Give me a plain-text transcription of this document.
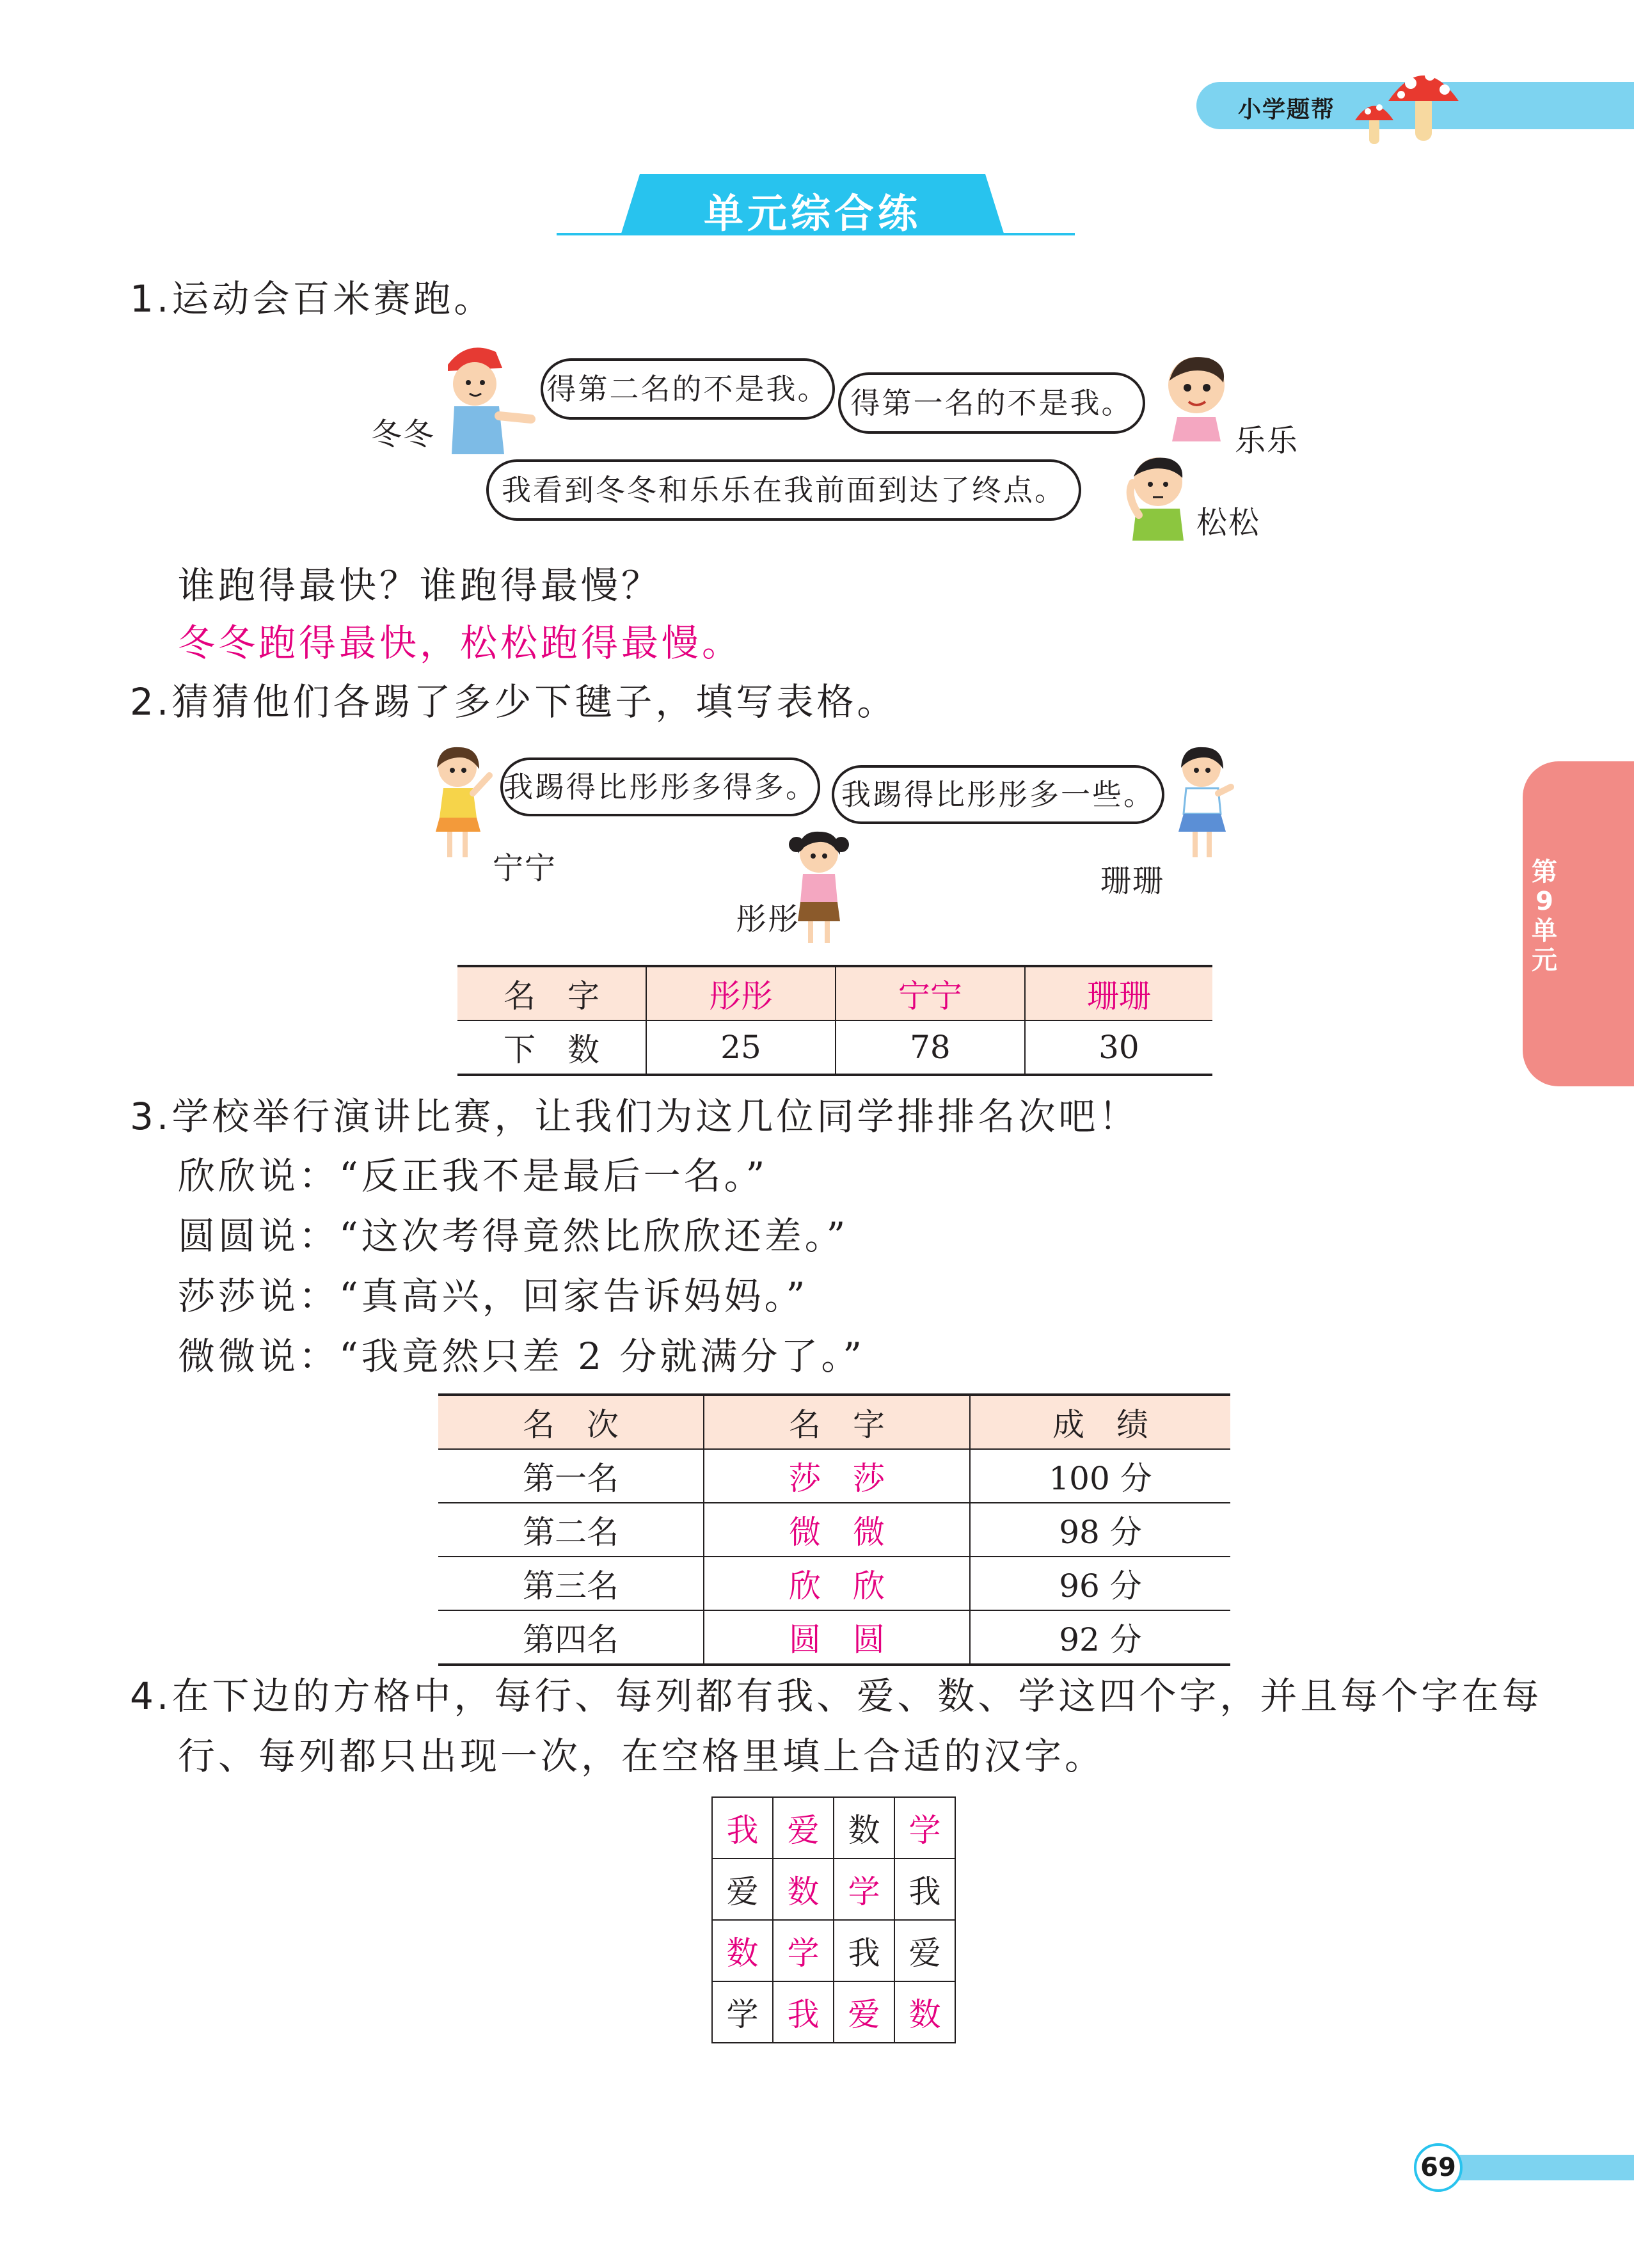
小学题帮
单元综合练
第9单元
1.运动会百米赛跑。
冬冬
得第二名的不是我。 得第一名的不是我。
乐乐
我看到冬冬和乐乐在我前面到达了终点。
松松
谁跑得最快？谁跑得最慢？
冬冬跑得最快，松松跑得最慢。
2.猜猜他们各踢了多少下毽子，填写表格。
宁宁
我踢得比彤彤多得多。 我踢得比彤彤多一些。
彤彤
珊珊
名　字	彤彤	宁宁	珊珊
下　数	25	78	30
3.学校举行演讲比赛，让我们为这几位同学排排名次吧！
欣欣说：“反正我不是最后一名。”
圆圆说：“这次考得竟然比欣欣还差。”
莎莎说：“真高兴，回家告诉妈妈。”
微微说：“我竟然只差 2 分就满分了。”
名　次	名　字	成　绩
第一名	莎　莎	100 分
第二名	微　微	98 分
第三名	欣　欣	96 分
第四名	圆　圆	92 分
4.在下边的方格中，每行、每列都有我、爱、数、学这四个字，并且每个字在每
行、每列都只出现一次，在空格里填上合适的汉字。
我	爱	数	学
爱	数	学	我
数	学	我	爱
学	我	爱	数
69
